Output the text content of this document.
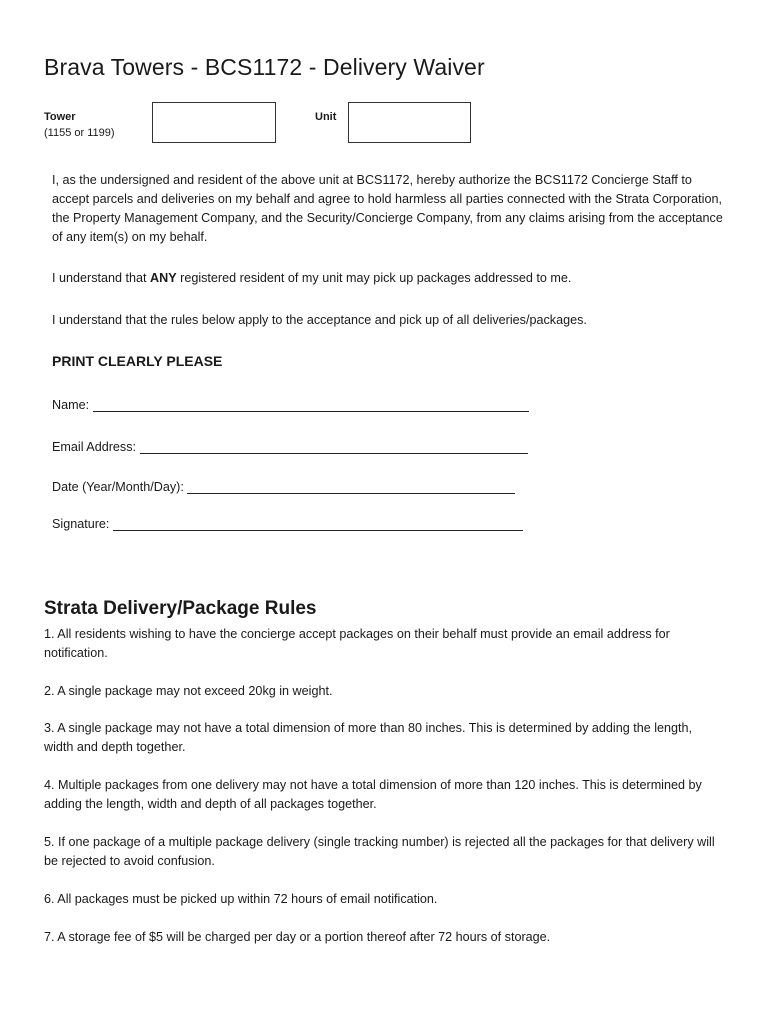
Brava Towers - BCS1172 - Delivery Waiver
Tower
(1155 or 1199)
Unit
I, as the undersigned and resident of the above unit at BCS1172, hereby authorize the BCS1172 Concierge Staff to accept parcels and deliveries on my behalf and agree to hold harmless all parties connected with the Strata Corporation, the Property Management Company, and the Security/Concierge Company, from any claims arising from the acceptance of any item(s) on my behalf.
I understand that ANY registered resident of my unit may pick up packages addressed to me.
I understand that the rules below apply to the acceptance and pick up of all deliveries/packages.
PRINT CLEARLY PLEASE
Name:
Email Address:
Date (Year/Month/Day):
Signature:
Strata Delivery/Package Rules
1. All residents wishing to have the concierge accept packages on their behalf must provide an email address for notification.
2. A single package may not exceed 20kg in weight.
3. A single package may not have a total dimension of more than 80 inches. This is determined by adding the length, width and depth together.
4. Multiple packages from one delivery may not have a total dimension of more than 120 inches. This is determined by adding the length, width and depth of all packages together.
5. If one package of a multiple package delivery (single tracking number) is rejected all the packages for that delivery will be rejected to avoid confusion.
6. All packages must be picked up within 72 hours of email notification.
7. A storage fee of $5 will be charged per day or a portion thereof after 72 hours of storage.
